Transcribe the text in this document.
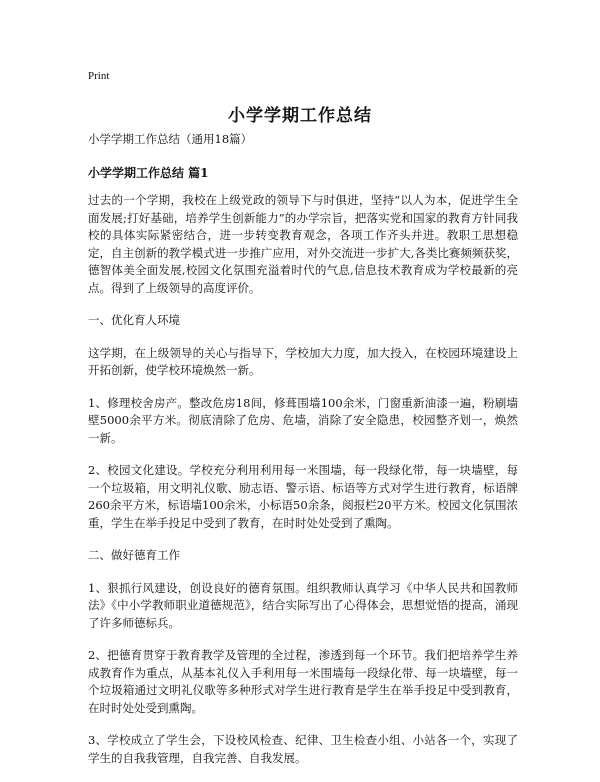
Print
小学学期工作总结

小学学期工作总结（通用18篇）

小学学期工作总结 篇1

过去的一个学期，我校在上级党政的领导下与时俱进，坚持“以人为本，促进学生全面发展;打好基础，培养学生创新能力”的办学宗旨，把落实党和国家的教育方针同我校的具体实际紧密结合，进一步转变教育观念，各项工作齐头并进。教职工思想稳定，自主创新的教学模式进一步推广应用，对外交流进一步扩大,各类比赛频频获奖，德智体美全面发展,校园文化氛围充溢着时代的气息,信息技术教育成为学校最新的亮点。得到了上级领导的高度评价。

一、优化育人环境

这学期，在上级领导的关心与指导下，学校加大力度，加大投入，在校园环境建设上开拓创新，使学校环境焕然一新。

1、修理校舍房产。整改危房18间，修葺围墙100余米，门窗重新油漆一遍，粉刷墙壁5000余平方米。彻底清除了危房、危墙，消除了安全隐患，校园整齐划一，焕然一新。

2、校园文化建设。学校充分利用利用每一米围墙，每一段绿化带，每一块墙壁，每一个垃圾箱，用文明礼仪歌、励志语、警示语、标语等方式对学生进行教育，标语牌260余平方米，标语墙100余米，小标语50余条，阅报栏20平方米。校园文化氛围浓重，学生在举手投足中受到了教育，在时时处处受到了熏陶。

二、做好德育工作

1、狠抓行风建设，创设良好的德育氛围。组织教师认真学习《中华人民共和国教师法》《中小学教师职业道德规范》，结合实际写出了心得体会，思想觉悟的提高，涌现了许多师德标兵。

2、把德育贯穿于教育教学及管理的全过程，渗透到每一个环节。我们把培养学生养成教育作为重点，从基本礼仪入手利用每一米围墙每一段绿化带、每一块墙壁，每一个垃圾箱通过文明礼仪歌等多种形式对学生进行教育是学生在举手投足中受到教育，在时时处处受到熏陶。

3、学校成立了学生会，下设校风检查、纪律、卫生检查小组、小站各一个，实现了学生的自我我管理，自我完善、自我发展。
